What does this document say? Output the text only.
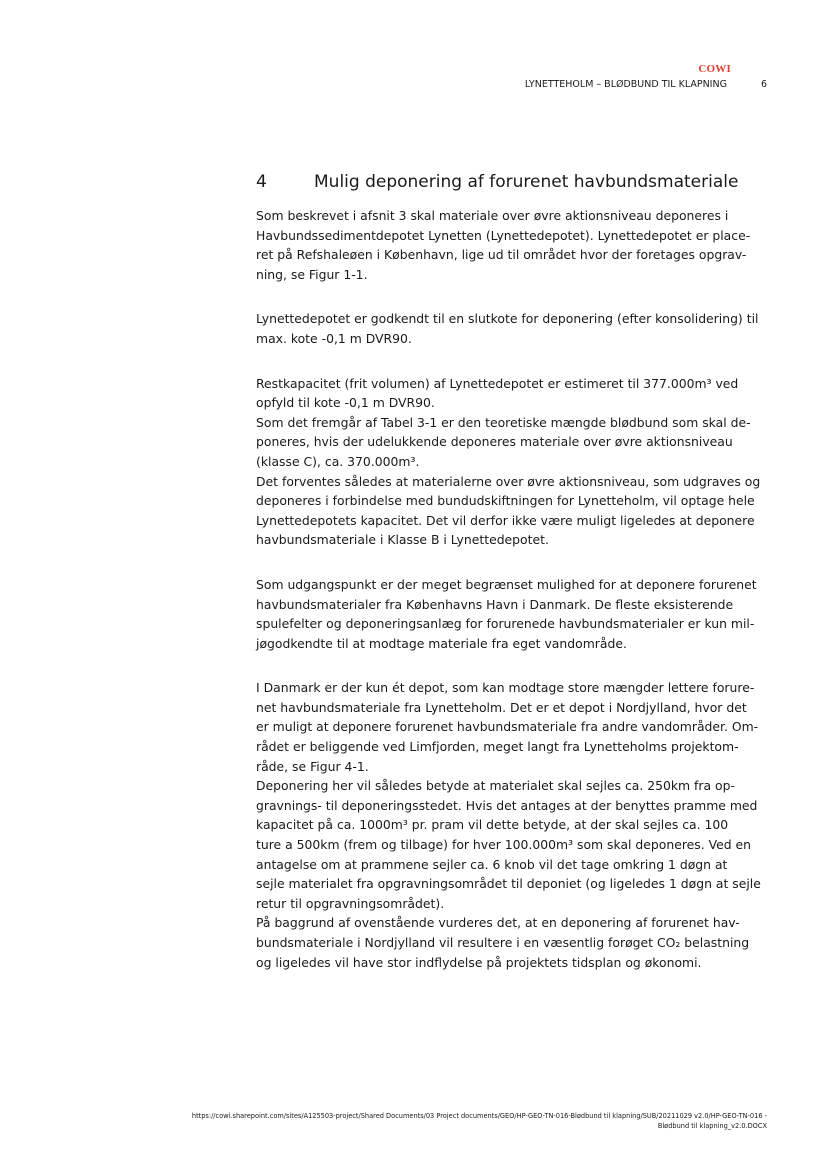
COWI
LYNETTEHOLM – BLØDBUND TIL KLAPNING	6
4	Mulig deponering af forurenet havbundsmateriale
Som beskrevet i afsnit 3 skal materiale over øvre aktionsniveau deponeres i
Havbundssedimentdepotet Lynetten (Lynettedepotet). Lynettedepotet er place-
ret på Refshaleøen i København, lige ud til området hvor der foretages opgrav-
ning, se Figur 1-1.
Lynettedepotet er godkendt til en slutkote for deponering (efter konsolidering) til
max. kote -0,1 m DVR90.
Restkapacitet (frit volumen) af Lynettedepotet er estimeret til 377.000m³ ved
opfyld til kote -0,1 m DVR90.
Som det fremgår af Tabel 3-1 er den teoretiske mængde blødbund som skal de-
poneres, hvis der udelukkende deponeres materiale over øvre aktionsniveau
(klasse C), ca. 370.000m³.
Det forventes således at materialerne over øvre aktionsniveau, som udgraves og
deponeres i forbindelse med bundudskiftningen for Lynetteholm, vil optage hele
Lynettedepotets kapacitet. Det vil derfor ikke være muligt ligeledes at deponere
havbundsmateriale i Klasse B i Lynettedepotet.
Som udgangspunkt er der meget begrænset mulighed for at deponere forurenet
havbundsmaterialer fra Københavns Havn i Danmark. De fleste eksisterende
spulefelter og deponeringsanlæg for forurenede havbundsmaterialer er kun mil-
jøgodkendte til at modtage materiale fra eget vandområde.
I Danmark er der kun ét depot, som kan modtage store mængder lettere forure-
net havbundsmateriale fra Lynetteholm. Det er et depot i Nordjylland, hvor det
er muligt at deponere forurenet havbundsmateriale fra andre vandområder. Om-
rådet er beliggende ved Limfjorden, meget langt fra Lynetteholms projektom-
råde, se Figur 4-1.
Deponering her vil således betyde at materialet skal sejles ca. 250km fra op-
gravnings- til deponeringsstedet. Hvis det antages at der benyttes pramme med
kapacitet på ca. 1000m³ pr. pram vil dette betyde, at der skal sejles ca. 100
ture a 500km (frem og tilbage) for hver 100.000m³ som skal deponeres. Ved en
antagelse om at prammene sejler ca. 6 knob vil det tage omkring 1 døgn at
sejle materialet fra opgravningsområdet til deponiet (og ligeledes 1 døgn at sejle
retur til opgravningsområdet).
På baggrund af ovenstående vurderes det, at en deponering af forurenet hav-
bundsmateriale i Nordjylland vil resultere i en væsentlig forøget CO₂ belastning
og ligeledes vil have stor indflydelse på projektets tidsplan og økonomi.
https://cowi.sharepoint.com/sites/A125503-project/Shared Documents/03 Project documents/GEO/HP-GEO-TN-016-Blødbund til klapning/SUB/20211029 v2.0/HP-GEO-TN-016 -
Blødbund til klapning_v2.0.DOCX
